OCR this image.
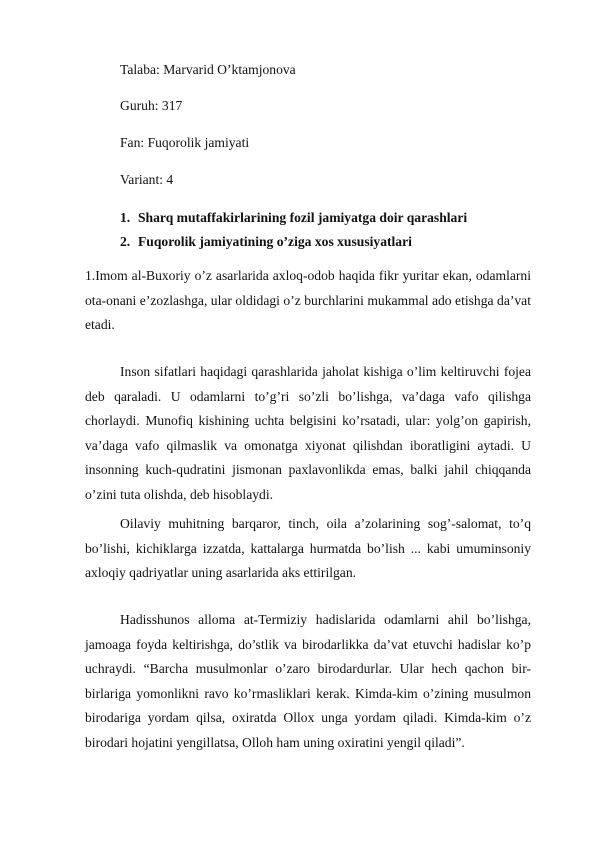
Talaba: Marvarid O’ktamjonova
Guruh: 317
Fan: Fuqorolik jamiyati
Variant: 4
1. Sharq mutaffakirlarining fozil jamiyatga doir qarashlari
2. Fuqorolik jamiyatining o’ziga xos xususiyatlari

1.Imom al-Buxoriy o’z asarlarida axloq-odob haqida fikr yuritar ekan, odamlarni ota-onani e’zozlashga, ular oldidagi o’z burchlarini mukammal ado etishga da’vat etadi.

Inson sifatlari haqidagi qarashlarida jaholat kishiga o’lim keltiruvchi fojea deb qaraladi. U odamlarni to’g’ri so’zli bo’lishga, va’daga vafo qilishga chorlaydi. Munofiq kishining uchta belgisini ko’rsatadi, ular: yolg’on gapirish, va’daga vafo qilmaslik va omonatga xiyonat qilishdan iboratligini aytadi. U insonning kuch-qudratini jismonan paxlavonlikda emas, balki jahil chiqqanda o’zini tuta olishda, deb hisoblaydi.

Oilaviy muhitning barqaror, tinch, oila a’zolarining sog’-salomat, to’q bo’lishi, kichiklarga izzatda, kattalarga hurmatda bo’lish ... kabi umuminsoniy axloqiy qadriyatlar uning asarlarida aks ettirilgan.

Hadisshunos alloma at-Termiziy hadislarida odamlarni ahil bo’lishga, jamoaga foyda keltirishga, do’stlik va birodarlikka da’vat etuvchi hadislar ko’p uchraydi. “Barcha musulmonlar o’zaro birodardurlar. Ular hech qachon bir-birlariga yomonlikni ravo ko’rmasliklari kerak. Kimda-kim o’zining musulmon birodariga yordam qilsa, oxiratda Ollox unga yordam qiladi. Kimda-kim o’z birodari hojatini yengillatsa, Olloh ham uning oxiratini yengil qiladi”.
